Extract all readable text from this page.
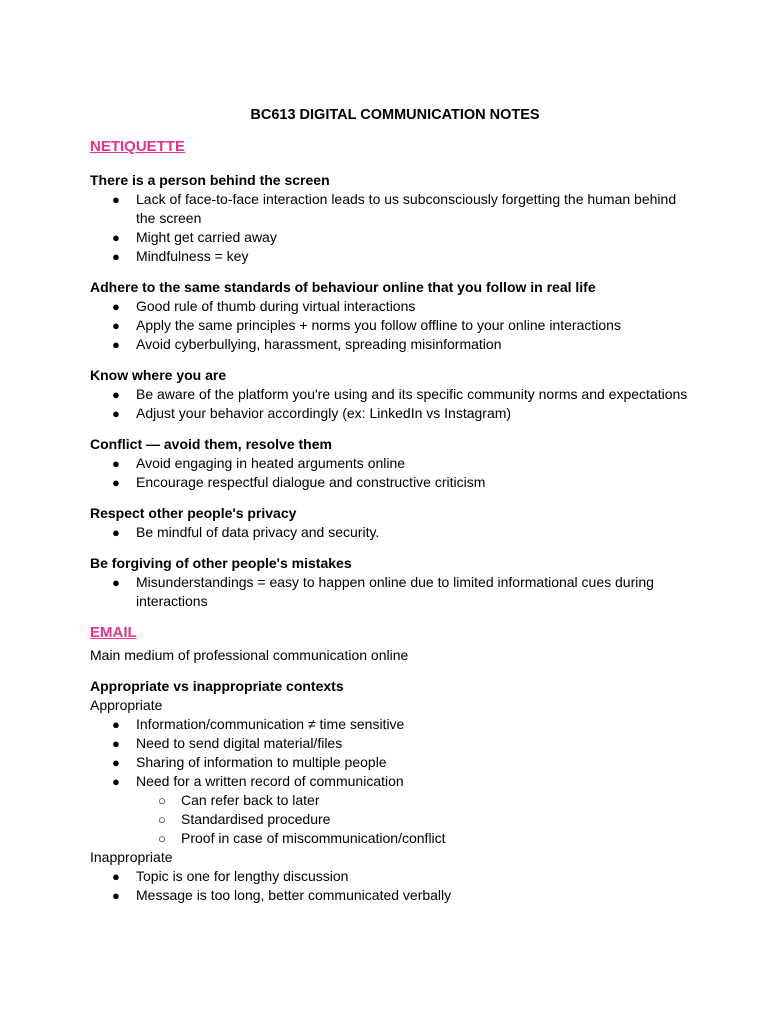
BC613 DIGITAL COMMUNICATION NOTES
NETIQUETTE

There is a person behind the screen

● Lack of face-to-face interaction leads to us subconsciously forgetting the human behind the screen
● Might get carried away
● Mindfulness = key

Adhere to the same standards of behaviour online that you follow in real life

● Good rule of thumb during virtual interactions
● Apply the same principles + norms you follow offline to your online interactions
● Avoid cyberbullying, harassment, spreading misinformation

Know where you are

● Be aware of the platform you're using and its specific community norms and expectations
● Adjust your behavior accordingly (ex: LinkedIn vs Instagram)

Conflict — avoid them, resolve them

● Avoid engaging in heated arguments online
● Encourage respectful dialogue and constructive criticism

Respect other people's privacy

● Be mindful of data privacy and security.

Be forgiving of other people's mistakes

● Misunderstandings = easy to happen online due to limited informational cues during interactions
EMAIL

Main medium of professional communication online

Appropriate vs inappropriate contexts

Appropriate

● Information/communication ≠ time sensitive
● Need to send digital material/files
● Sharing of information to multiple people
● Need for a written record of communication
○ Can refer back to later
○ Standardised procedure
○ Proof in case of miscommunication/conflict

Inappropriate

● Topic is one for lengthy discussion
● Message is too long, better communicated verbally
